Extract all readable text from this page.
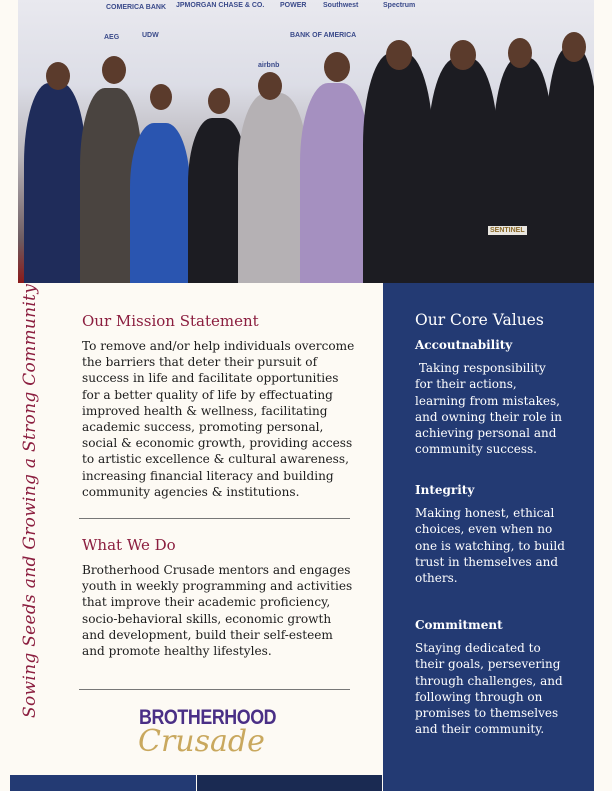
COMERICA BANK JPMORGAN CHASE & CO. POWER Southwest	Spectrum
AEG	UDW	BANK OF AMERICA
airbnb
SENTINEL
Sowing Seeds and Growing a Strong Community	Our Mission Statement
To remove and/or help individuals overcome the barriers that deter their pursuit of success in life and facilitate opportunities for a better quality of life by effectuating improved health & wellness, facilitating academic success, promoting personal, social & economic growth, providing access to artistic excellence & cultural awareness, increasing financial literacy and building community agencies & institutions.
What We Do
Brotherhood Crusade mentors and engages youth in weekly programming and activities that improve their academic proficiency, socio-behavioral skills, economic growth and development, build their self-esteem and promote healthy lifestyles.
BROTHERHOOD
Crusade
Our Core Values
Accoutnability

Taking responsibility for their actions, learning from mistakes, and owning their role in achieving personal and community success.

Integrity

Making honest, ethical choices, even when no one is watching, to build trust in themselves and others.

Commitment

Staying dedicated to their goals, persevering through challenges, and following through on promises to themselves and their community.
